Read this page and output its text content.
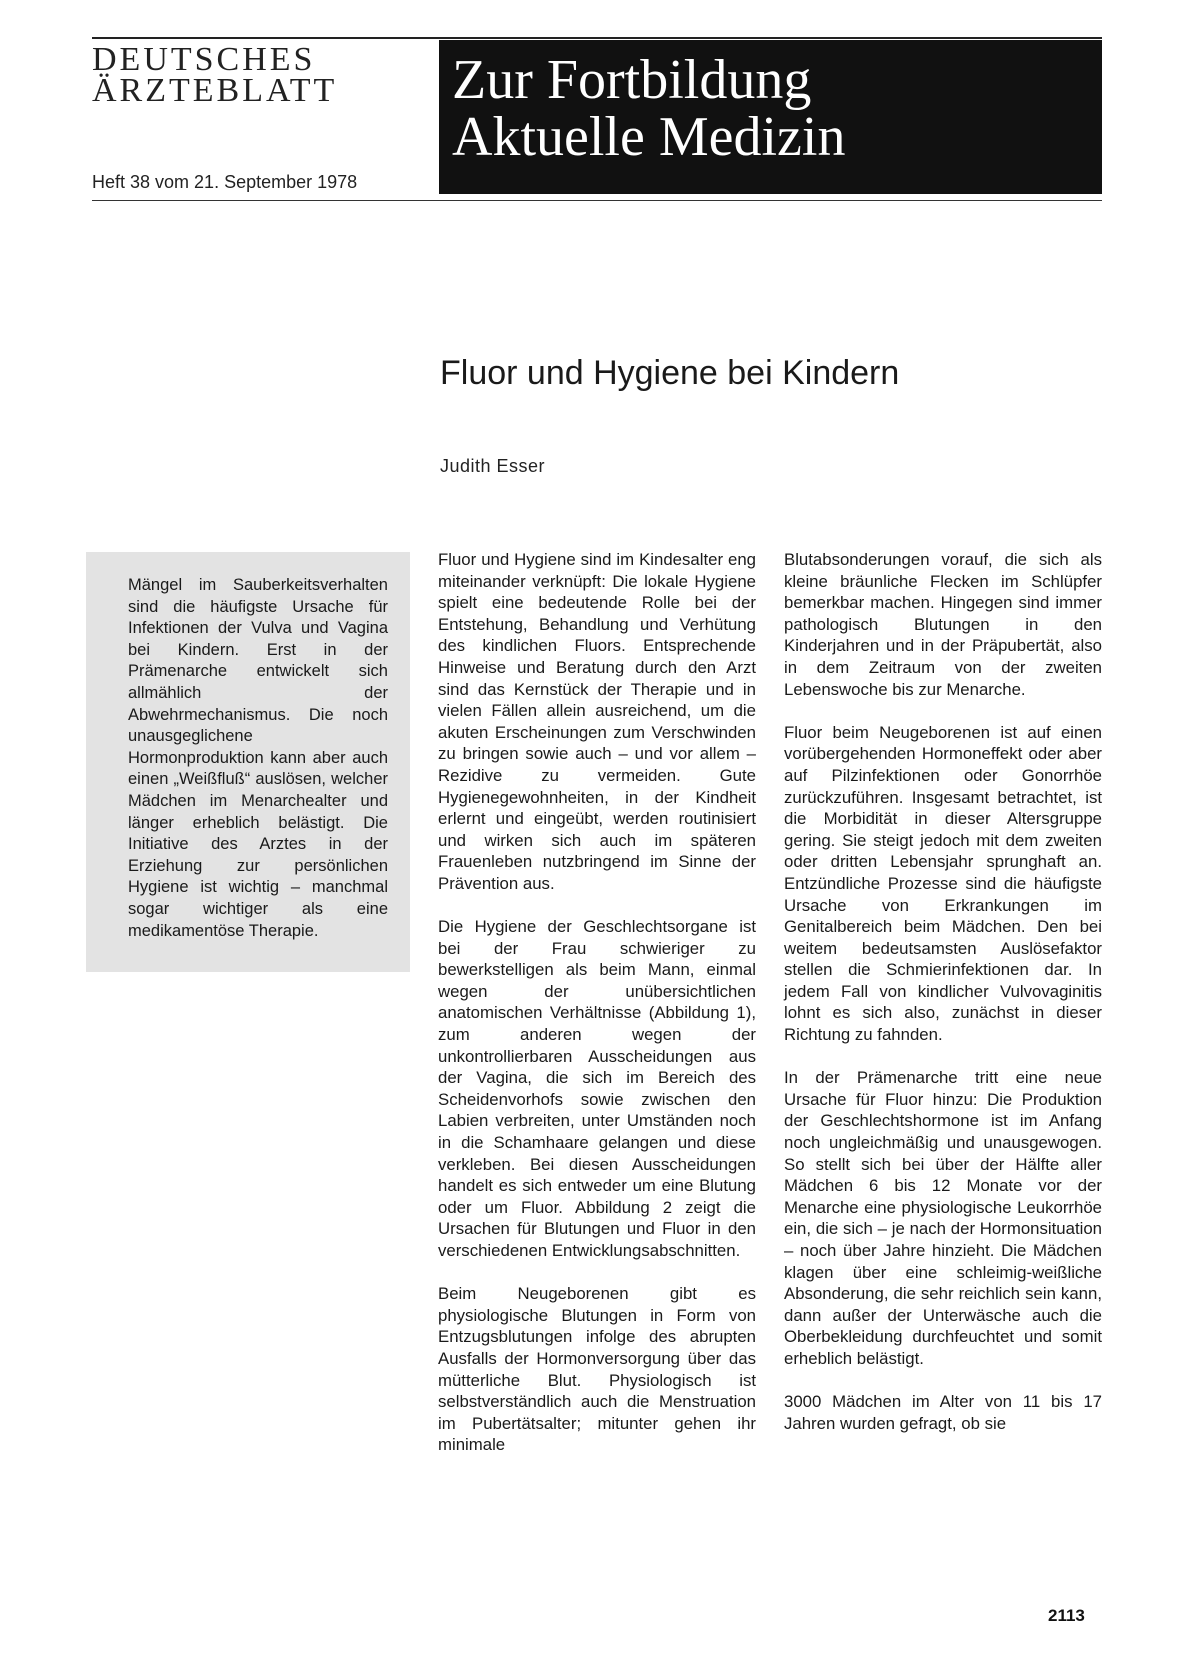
DEUTSCHES
ÄRZTEBLATT
Heft 38 vom 21. September 1978
Zur Fortbildung
Aktuelle Medizin
Fluor und Hygiene bei Kindern
Judith Esser
Mängel im Sauberkeitsverhalten sind die häufigste Ursache für Infektionen der Vulva und Vagina bei Kindern. Erst in der Prämenarche entwickelt sich allmählich der Abwehrmechanismus. Die noch unausgeglichene Hormonproduktion kann aber auch einen „Weißfluß“ auslösen, welcher Mädchen im Menarchealter und länger erheblich belästigt. Die Initiative des Arztes in der Erziehung zur persönlichen Hygiene ist wichtig – manchmal sogar wichtiger als eine medikamentöse Therapie.

Fluor und Hygiene sind im Kindesalter eng miteinander verknüpft: Die lokale Hygiene spielt eine bedeutende Rolle bei der Entstehung, Behandlung und Verhütung des kindlichen Fluors. Entsprechende Hinweise und Beratung durch den Arzt sind das Kernstück der Therapie und in vielen Fällen allein ausreichend, um die akuten Erscheinungen zum Verschwinden zu bringen sowie auch – und vor allem – Rezidive zu vermeiden. Gute Hygienegewohnheiten, in der Kindheit erlernt und eingeübt, werden routinisiert und wirken sich auch im späteren Frauenleben nutzbringend im Sinne der Prävention aus.

Die Hygiene der Geschlechtsorgane ist bei der Frau schwieriger zu bewerkstelligen als beim Mann, einmal wegen der unübersichtlichen anatomischen Verhältnisse (Abbildung 1), zum anderen wegen der unkontrollierbaren Ausscheidungen aus der Vagina, die sich im Bereich des Scheidenvorhofs sowie zwischen den Labien verbreiten, unter Umständen noch in die Schamhaare gelangen und diese verkleben. Bei diesen Ausscheidungen handelt es sich entweder um eine Blutung oder um Fluor. Abbildung 2 zeigt die Ursachen für Blutungen und Fluor in den verschiedenen Entwicklungsabschnitten.

Beim Neugeborenen gibt es physiologische Blutungen in Form von Entzugsblutungen infolge des abrupten Ausfalls der Hormonversorgung über das mütterliche Blut. Physiologisch ist selbstverständlich auch die Menstruation im Pubertätsalter; mitunter gehen ihr minimale

Blutabsonderungen vorauf, die sich als kleine bräunliche Flecken im Schlüpfer bemerkbar machen. Hingegen sind immer pathologisch Blutungen in den Kinderjahren und in der Präpubertät, also in dem Zeitraum von der zweiten Lebenswoche bis zur Menarche.

Fluor beim Neugeborenen ist auf einen vorübergehenden Hormoneffekt oder aber auf Pilzinfektionen oder Gonorrhöe zurückzuführen. Insgesamt betrachtet, ist die Morbidität in dieser Altersgruppe gering. Sie steigt jedoch mit dem zweiten oder dritten Lebensjahr sprunghaft an. Entzündliche Prozesse sind die häufigste Ursache von Erkrankungen im Genitalbereich beim Mädchen. Den bei weitem bedeutsamsten Auslösefaktor stellen die Schmierinfektionen dar. In jedem Fall von kindlicher Vulvovaginitis lohnt es sich also, zunächst in dieser Richtung zu fahnden.

In der Prämenarche tritt eine neue Ursache für Fluor hinzu: Die Produktion der Geschlechtshormone ist im Anfang noch ungleichmäßig und unausgewogen. So stellt sich bei über der Hälfte aller Mädchen 6 bis 12 Monate vor der Menarche eine physiologische Leukorrhöe ein, die sich – je nach der Hormonsituation – noch über Jahre hinzieht. Die Mädchen klagen über eine schleimig-weißliche Absonderung, die sehr reichlich sein kann, dann außer der Unterwäsche auch die Oberbekleidung durchfeuchtet und somit erheblich belästigt.

3000 Mädchen im Alter von 11 bis 17 Jahren wurden gefragt, ob sie

2113
